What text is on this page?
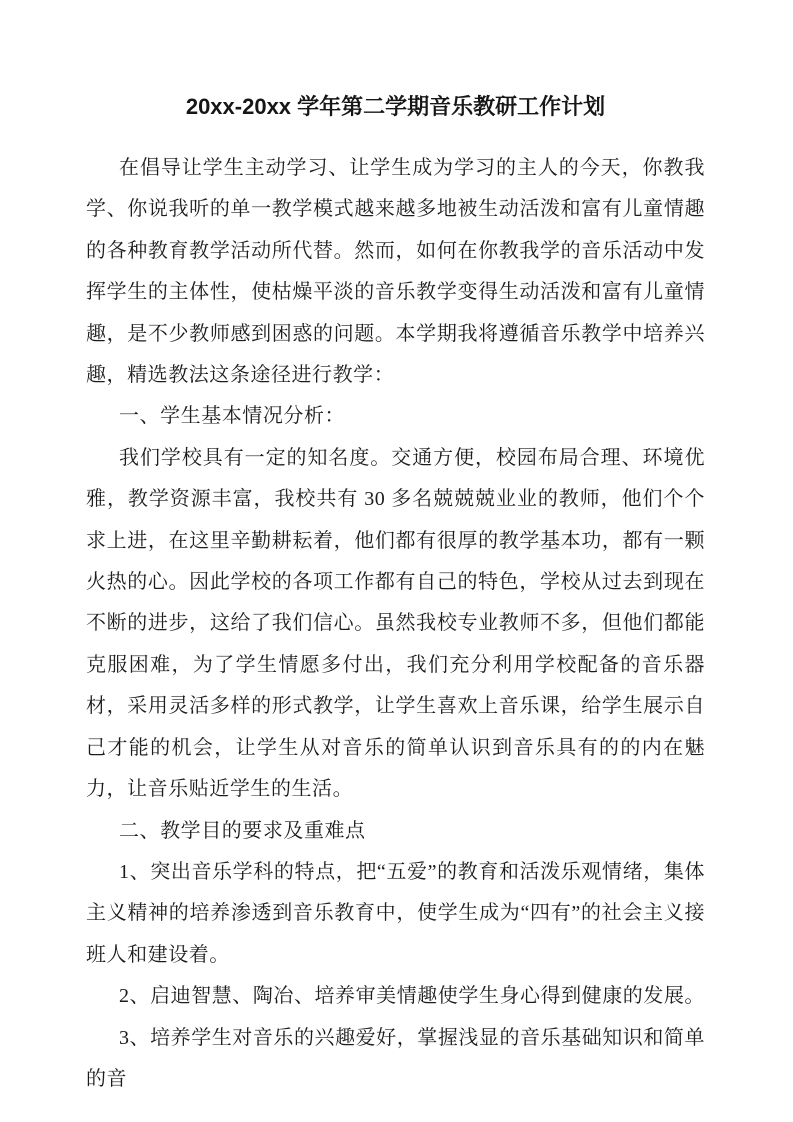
20xx-20xx 学年第二学期音乐教研工作计划

在倡导让学生主动学习、让学生成为学习的主人的今天，你教我学、你说我听的单一教学模式越来越多地被生动活泼和富有儿童情趣的各种教育教学活动所代替。然而，如何在你教我学的音乐活动中发挥学生的主体性，使枯燥平淡的音乐教学变得生动活泼和富有儿童情趣，是不少教师感到困惑的问题。本学期我将遵循音乐教学中培养兴趣，精选教法这条途径进行教学：

一、学生基本情况分析：

我们学校具有一定的知名度。交通方便，校园布局合理、环境优雅，教学资源丰富，我校共有 30 多名兢兢兢业业的教师，他们个个求上进，在这里辛勤耕耘着，他们都有很厚的教学基本功，都有一颗火热的心。因此学校的各项工作都有自己的特色，学校从过去到现在不断的进步，这给了我们信心。虽然我校专业教师不多，但他们都能克服困难，为了学生情愿多付出，我们充分利用学校配备的音乐器材，采用灵活多样的形式教学，让学生喜欢上音乐课，给学生展示自己才能的机会，让学生从对音乐的简单认识到音乐具有的的内在魅力，让音乐贴近学生的生活。

二、教学目的要求及重难点

1、突出音乐学科的特点，把“五爱”的教育和活泼乐观情绪，集体主义精神的培养渗透到音乐教育中，使学生成为“四有”的社会主义接班人和建设着。

2、启迪智慧、陶冶、培养审美情趣使学生身心得到健康的发展。

3、培养学生对音乐的兴趣爱好，掌握浅显的音乐基础知识和简单的音
